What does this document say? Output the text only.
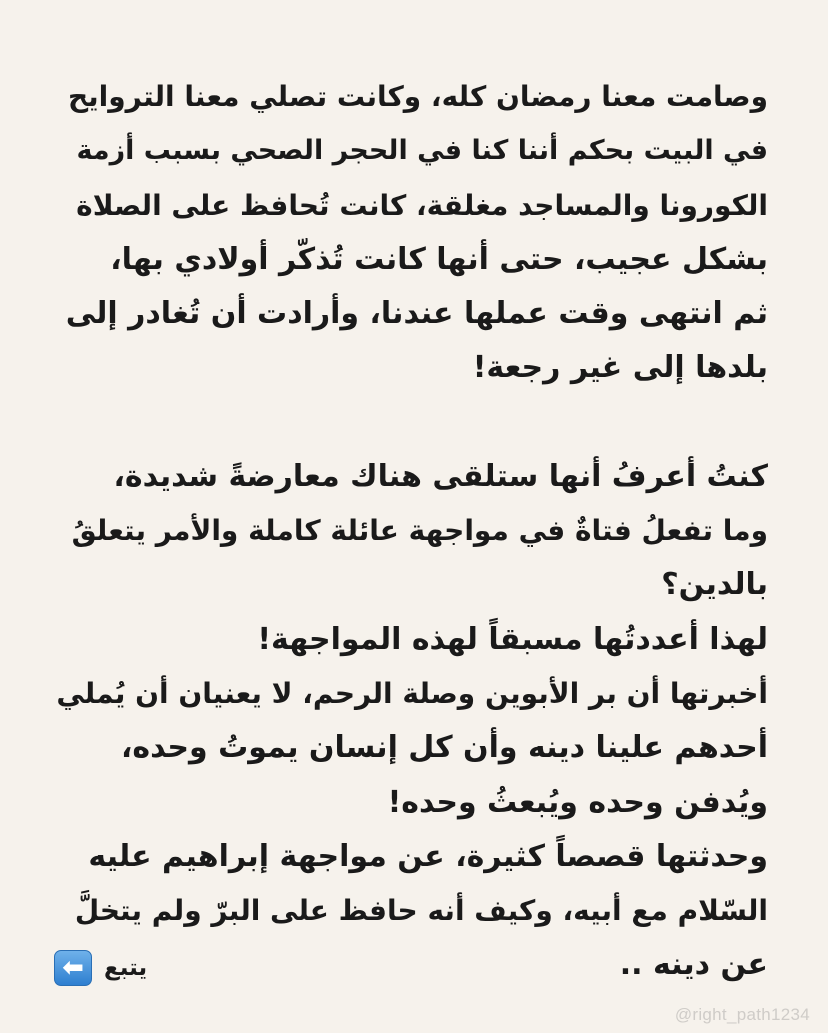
وصامت معنا رمضان كله، وكانت تصلي معنا التروايح
في البيت بحكم أننا كنا في الحجر الصحي بسبب أزمة
الكورونا والمساجد مغلقة، كانت تُحافظ على الصلاة
بشكل عجيب، حتى أنها كانت تُذكّر أولادي بها،
ثم انتهى وقت عملها عندنا، وأرادت أن تُغادر إلى
بلدها إلى غير رجعة!
كنتُ أعرفُ أنها ستلقى هناك معارضةً شديدة،
وما تفعلُ فتاةٌ في مواجهة عائلة كاملة والأمر يتعلقُ
بالدين؟
لهذا أعددتُها مسبقاً لهذه المواجهة!
أخبرتها أن بر الأبوين وصلة الرحم، لا يعنيان أن يُملي
أحدهم علينا دينه وأن كل إنسان يموتُ وحده،
ويُدفن وحده ويُبعثُ وحده!
وحدثتها قصصاً كثيرة، عن مواجهة إبراهيم عليه
السّلام مع أبيه، وكيف أنه حافظ على البرّ ولم يتخلَّ
عن دينه ..
⬅ يتبع
@right_path1234
